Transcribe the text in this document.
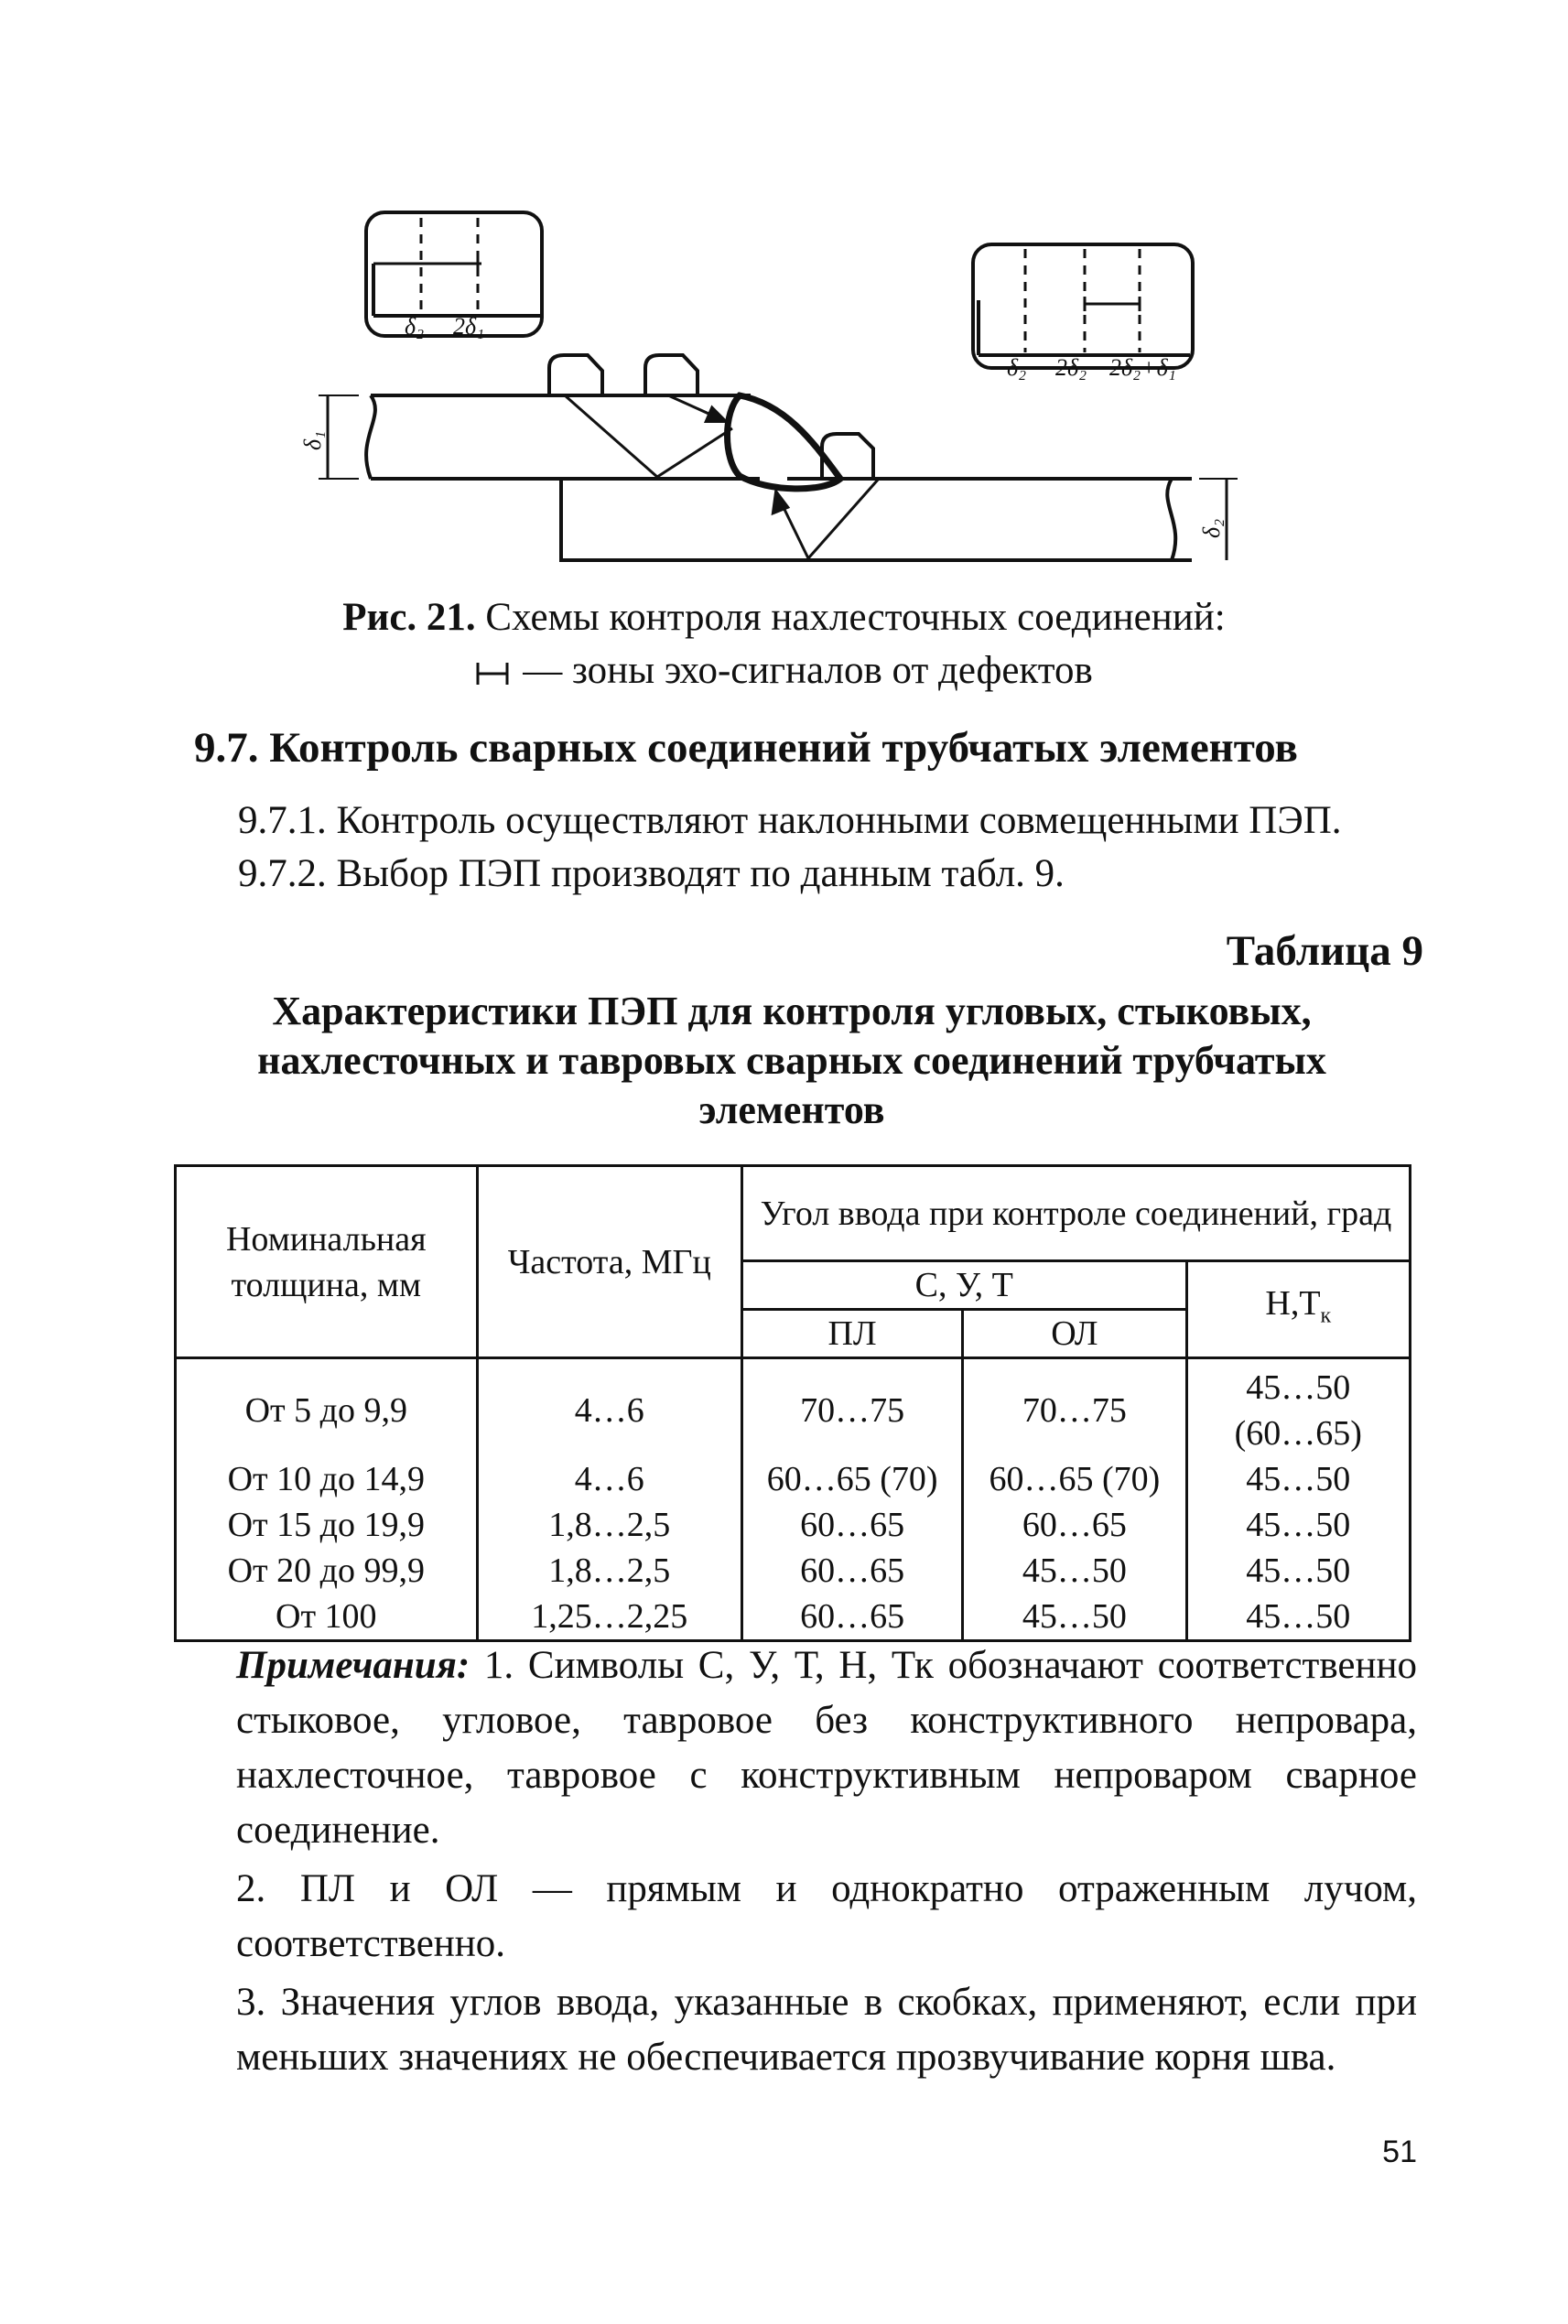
δ₂ 2δ₁
δ₂ 2δ₂ 2δ₂+δ₁
δ₁
δ₂
Рис. 21. Схемы контроля нахлесточных соединений:
— зоны эхо-сигналов от дефектов
9.7. Контроль сварных соединений трубчатых элементов
9.7.1. Контроль осуществляют наклонными совмещенными ПЭП.
9.7.2. Выбор ПЭП производят по данным табл. 9.
Таблица 9
Характеристики ПЭП для контроля угловых, стыковых,
нахлесточных и тавровых сварных соединений трубчатых
элементов
Номинальная толщина, мм	Частота, МГц	Угол ввода при контроле соединений, град		
		С, У, Т		$Н,Т_к$
		ПЛ	ОЛ	
От 5 до 9,9	4…6	70…75	70…75	45…50
(60…65)

От 10 до 14,9	4…6	60…65 (70)	60…65 (70)	45…50
От 15 до 19,9	1,8…2,5	60…65	60…65	45…50
От 20 до 99,9	1,8…2,5	60…65	45…50	45…50
От 100	1,25…2,25	60…65	45…50	45…50

Примечания: 1. Символы С, У, Т, Н, Тк обозначают соответственно стыковое, угловое, тавровое без конструктивного непровара, нахлесточное, тавровое с конструктивным непроваром сварное соединение.

2. ПЛ и ОЛ — прямым и однократно отраженным лучом, соответственно.

3. Значения углов ввода, указанные в скобках, применяют, если при меньших значениях не обеспечивается прозвучивание корня шва.

51
